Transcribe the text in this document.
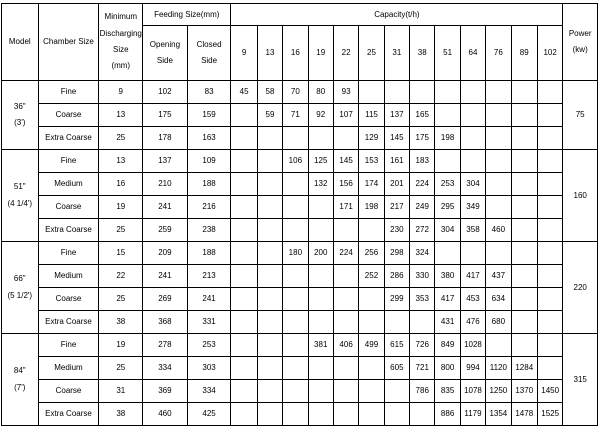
Model	Chamber Size	Minimum
Discharging
Size
(mm)	Feeding Size(mm)		Capacity(t/h)													Power
(kw)

			Opening
Side	Closed
Side	9	13	16	19	22	25	31	38	51	64	76	89	102	

36"
(3')	Fine	9	102	83	45	58	70	80	93									75
	Coarse	13	175	159		59	71	92	107	115	137	165						
	Extra Coarse	25	178	163						129	145	175	198					

51"
(4 1/4')	Fine	13	137	109			106	125	145	153	161	183						160
	Medium	16	210	188				132	156	174	201	224	253	304				
	Coarse	19	241	216					171	198	217	249	295	349				
	Extra Coarse	25	259	238							230	272	304	358	460			

66"
(5 1/2')	Fine	15	209	188			180	200	224	256	298	324						220
	Medium	22	241	213						252	286	330	380	417	437			
	Coarse	25	269	241							299	353	417	453	634			
	Extra Coarse	38	368	331									431	476	680			

84"
(7')	Fine	19	278	253				381	406	499	615	726	849	1028				315
	Medium	25	334	303							605	721	800	994	1120	1284		
	Coarse	31	369	334								786	835	1078	1250	1370	1450	
	Extra Coarse	38	460	425									886	1179	1354	1478	1525	
